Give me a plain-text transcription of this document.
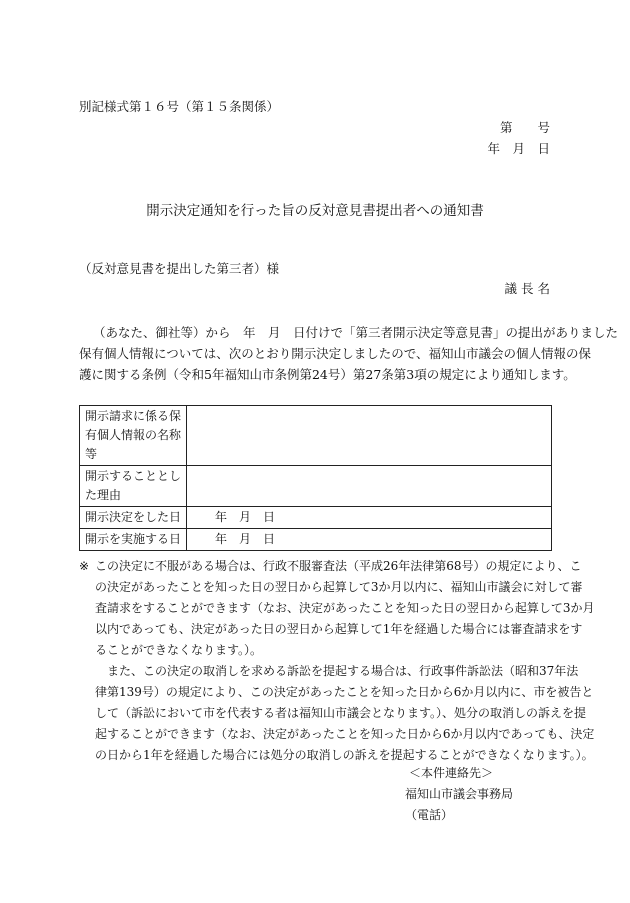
別記様式第１６号（第１５条関係）
第　　号
年　月　日
開示決定通知を行った旨の反対意見書提出者への通知書
（反対意見書を提出した第三者）様
議 長 名
（あなた、御社等）から　年　月　日付けで「第三者開示決定等意見書」の提出がありました
保有個人情報については、次のとおり開示決定しましたので、福知山市議会の個人情報の保
護に関する条例（令和5年福知山市条例第24号）第27条第3項の規定により通知します。
開示請求に係る保有個人情報の名称等	
開示することとした理由	
開示決定をした日	年　月　日
開示を実施する日	年　月　日
※ この決定に不服がある場合は、行政不服審査法（平成26年法律第68号）の規定により、こ
の決定があったことを知った日の翌日から起算して3か月以内に、福知山市議会に対して審
査請求をすることができます（なお、決定があったことを知った日の翌日から起算して3か月
以内であっても、決定があった日の翌日から起算して1年を経過した場合には審査請求をす
ることができなくなります。）。
　また、この決定の取消しを求める訴訟を提起する場合は、行政事件訴訟法（昭和37年法
律第139号）の規定により、この決定があったことを知った日から6か月以内に、市を被告と
して（訴訟において市を代表する者は福知山市議会となります。）、処分の取消しの訴えを提
起することができます（なお、決定があったことを知った日から6か月以内であっても、決定
の日から1年を経過した場合には処分の取消しの訴えを提起することができなくなります。）。
＜本件連絡先＞
福知山市議会事務局
（電話）
